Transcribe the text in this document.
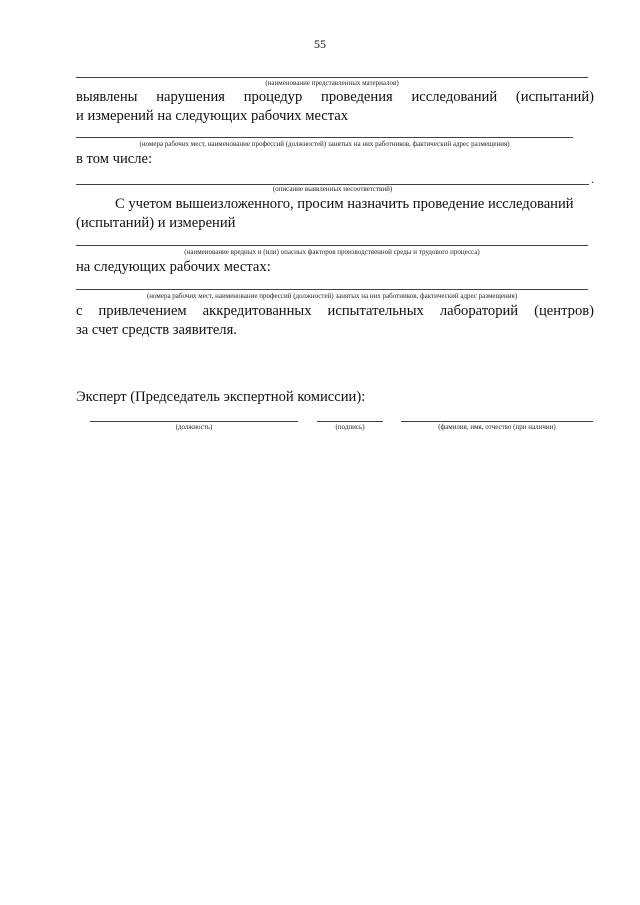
55
(наименование представленных материалов)
выявлены нарушения процедур проведения исследований (испытаний)
и измерений на следующих рабочих местах
(номера рабочих мест, наименование профессий (должностей) занятых на них работников, фактический адрес размещения)
в том числе:
.
(описание выявленных несоответствий)
С учетом вышеизложенного, просим назначить проведение исследований
(испытаний) и измерений
(наименование вредных и (или) опасных факторов производственной среды и трудового процесса)
на следующих рабочих местах:
(номера рабочих мест, наименование профессий (должностей) занятых на них работников, фактический адрес размещения)
с привлечением аккредитованных испытательных лабораторий (центров)
за счет средств заявителя.
Эксперт (Председатель экспертной комиссии):
(должность)	(подпись)	(фамилия, имя, отчество (при наличии)
